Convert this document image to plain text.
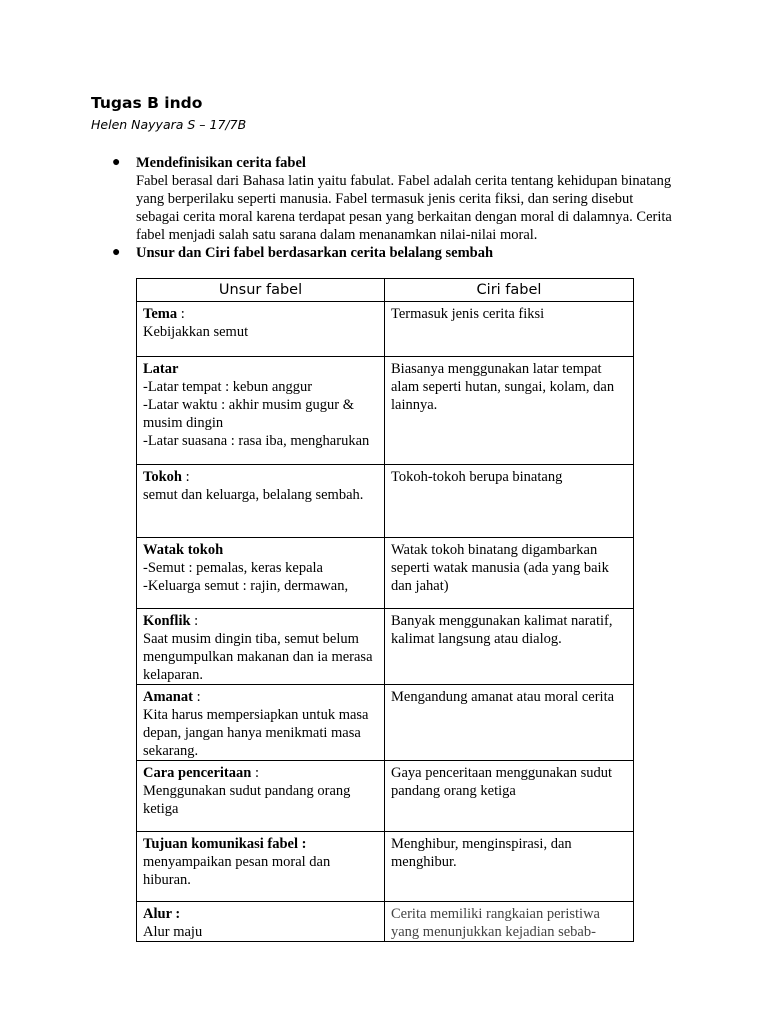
Tugas B indo
Helen Nayyara S – 17/7B
● Mendefinisikan cerita fabel
Fabel berasal dari Bahasa latin yaitu fabulat. Fabel adalah cerita tentang kehidupan binatang yang berperilaku seperti manusia. Fabel termasuk jenis cerita fiksi, dan sering disebut sebagai cerita moral karena terdapat pesan yang berkaitan dengan moral di dalamnya. Cerita fabel menjadi salah satu sarana dalam menanamkan nilai-nilai moral.
● Unsur dan Ciri fabel berdasarkan cerita belalang sembah
Unsur fabel	Ciri fabel
Tema :
Kebijakkan semut	Termasuk jenis cerita fiksi
Latar
-Latar tempat : kebun anggur
-Latar waktu : akhir musim gugur & musim dingin
-Latar suasana : rasa iba, mengharukan	Biasanya menggunakan latar tempat alam seperti hutan, sungai, kolam, dan lainnya.
Tokoh :
semut dan keluarga, belalang sembah.	Tokoh-tokoh berupa binatang
Watak tokoh
-Semut : pemalas, keras kepala
-Keluarga semut : rajin, dermawan,	Watak tokoh binatang digambarkan seperti watak manusia (ada yang baik dan jahat)
Konflik :
Saat musim dingin tiba, semut belum mengumpulkan makanan dan ia merasa kelaparan.	Banyak menggunakan kalimat naratif, kalimat langsung atau dialog.
Amanat :
Kita harus mempersiapkan untuk masa depan, jangan hanya menikmati masa sekarang.	Mengandung amanat atau moral cerita
Cara penceritaan :
Menggunakan sudut pandang orang ketiga	Gaya penceritaan menggunakan sudut pandang orang ketiga
Tujuan komunikasi fabel :
menyampaikan pesan moral dan hiburan.	Menghibur, menginspirasi, dan menghibur.
Alur :
Alur maju	Cerita memiliki rangkaian peristiwa yang menunjukkan kejadian sebab-
